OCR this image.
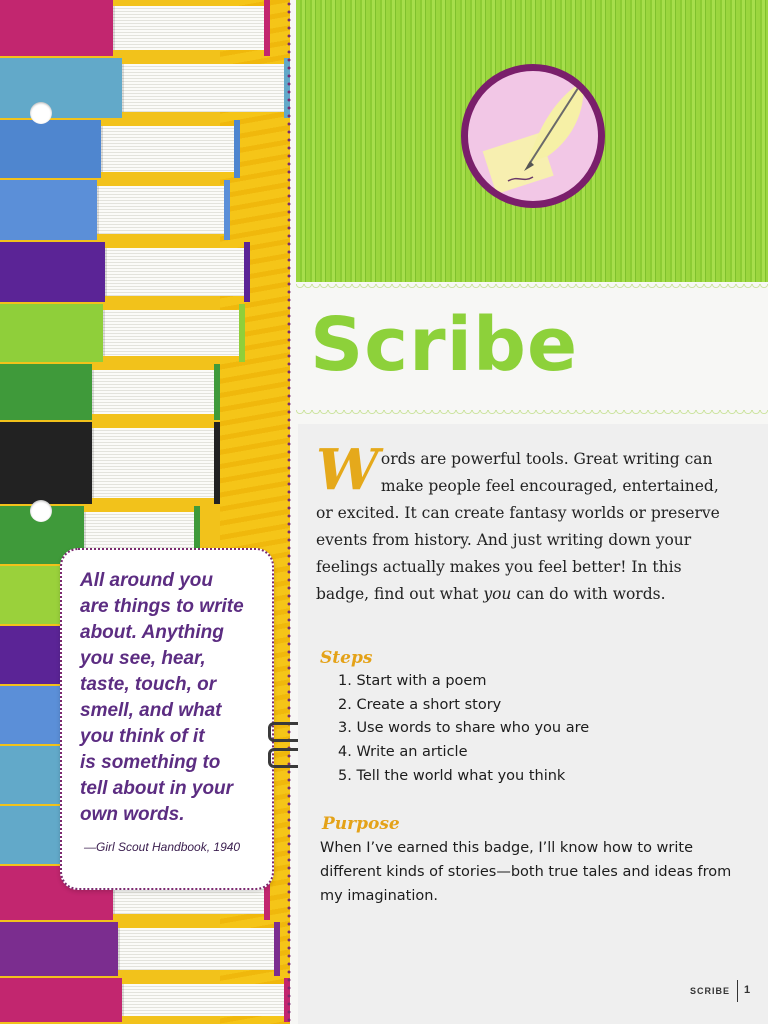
All around you
are things to write
about. Anything
you see, hear,
taste, touch, or
smell, and what
you think of it
is something to
tell about in your
own words.

—Girl Scout Handbook, 1940

Scribe

Words are powerful tools. Great writing can make people feel encouraged, entertained, or excited. It can create fantasy worlds or preserve events from history. And just writing down your feelings actually makes you feel better! In this badge, find out what you can do with words.

Steps
1. Start with a poem
2. Create a short story
3. Use words to share who you are
4. Write an article
5. Tell the world what you think
Purpose

When I’ve earned this badge, I’ll know how to write different kinds of stories—both true tales and ideas from my imagination.

SCRIBE 1
